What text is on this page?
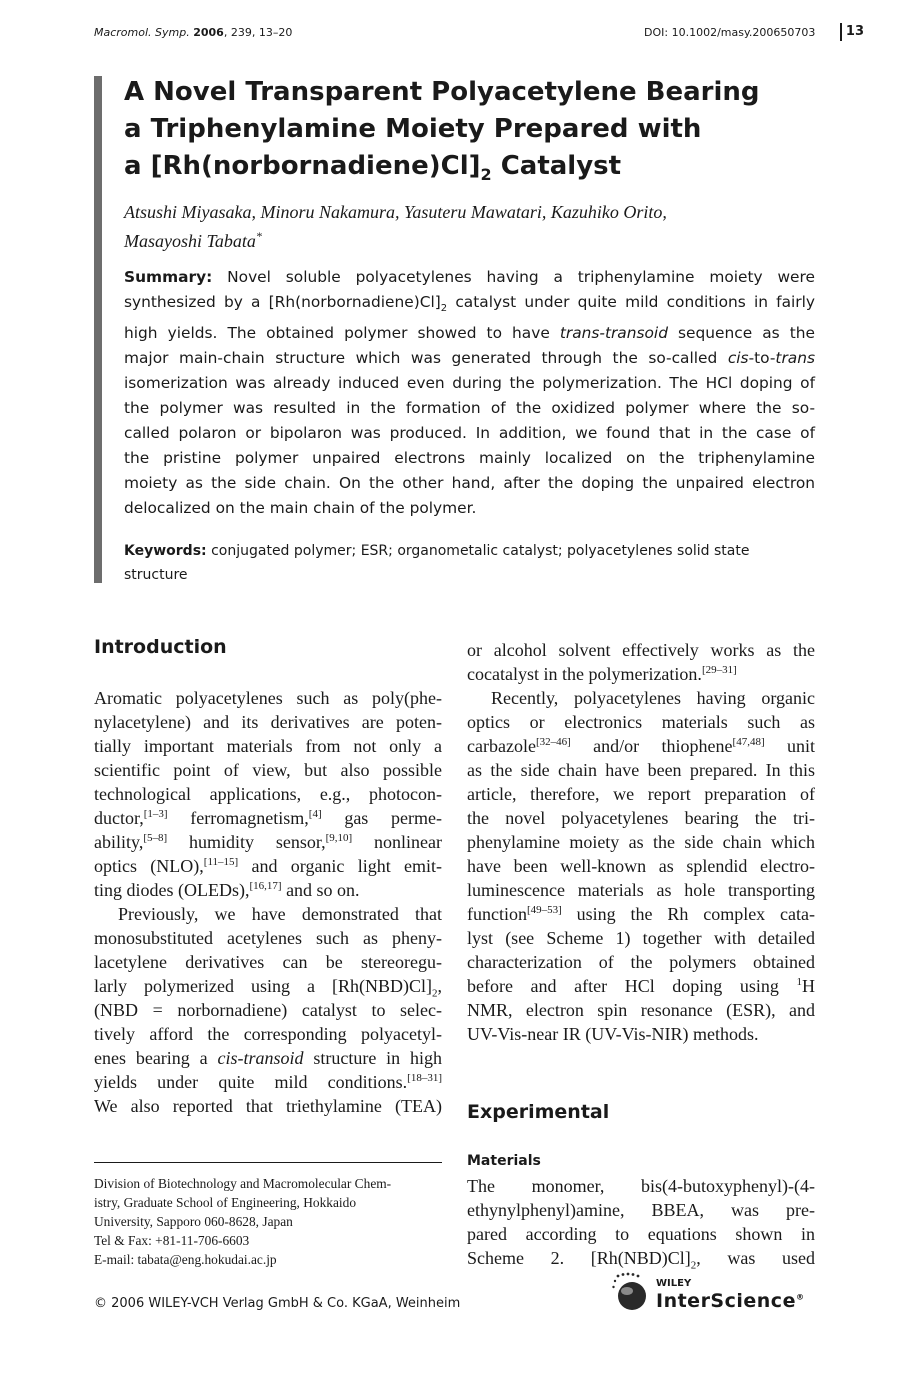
Macromol. Symp. 2006, 239, 13–20	DOI: 10.1002/masy.200650703	13
A Novel Transparent Polyacetylene Bearing
a Triphenylamine Moiety Prepared with
a $[Rh(norbornadiene)Cl]_2$ Catalyst
Atsushi Miyasaka, Minoru Nakamura, Yasuteru Mawatari, Kazuhiko Orito,
Masayoshi Tabata*
Summary: Novel soluble polyacetylenes having a triphenylamine moiety were
synthesized by a $[Rh(norbornadiene)Cl]_2$ catalyst under quite mild conditions in fairly
high yields. The obtained polymer showed to have trans-transoid sequence as the
major main-chain structure which was generated through the so-called cis-to-trans
isomerization was already induced even during the polymerization. The HCl doping of
the polymer was resulted in the formation of the oxidized polymer where the so-
called polaron or bipolaron was produced. In addition, we found that in the case of
the pristine polymer unpaired electrons mainly localized on the triphenylamine
moiety as the side chain. On the other hand, after the doping the unpaired electron
delocalized on the main chain of the polymer.
Keywords: conjugated polymer; ESR; organometalic catalyst; polyacetylenes solid state
structure
Introduction
Aromatic polyacetylenes such as poly(phe-
nylacetylene) and its derivatives are poten-
tially important materials from not only a
scientific point of view, but also possible
technological applications, e.g., photocon-
ductor,[1–3] ferromagnetism,[4] gas perme-
ability,[5–8] humidity sensor,[9,10] nonlinear
optics (NLO),[11–15] and organic light emit-
ting diodes (OLEDs),[16,17] and so on.
Previously, we have demonstrated that
monosubstituted acetylenes such as pheny-
lacetylene derivatives can be stereoregu-
larly polymerized using a $[Rh(NBD)Cl]_2$,
(NBD = norbornadiene) catalyst to selec-
tively afford the corresponding polyacetyl-
enes bearing a cis-transoid structure in high
yields under quite mild conditions.[18–31]
We also reported that triethylamine (TEA)
Division of Biotechnology and Macromolecular Chem-
istry, Graduate School of Engineering, Hokkaido
University, Sapporo 060-8628, Japan
Tel & Fax: +81-11-706-6603
E-mail: tabata@eng.hokudai.ac.jp
or alcohol solvent effectively works as the
cocatalyst in the polymerization.[29–31]
Recently, polyacetylenes having organic
optics or electronics materials such as
carbazole[32–46] and/or thiophene[47,48] unit
as the side chain have been prepared. In this
article, therefore, we report preparation of
the novel polyacetylenes bearing the tri-
phenylamine moiety as the side chain which
have been well-known as splendid electro-
luminescence materials as hole transporting
function[49–53] using the Rh complex cata-
lyst (see Scheme 1) together with detailed
characterization of the polymers obtained
before and after HCl doping using $^1$H
NMR, electron spin resonance (ESR), and
UV-Vis-near IR (UV-Vis-NIR) methods.
Experimental
Materials
The monomer, bis(4-butoxyphenyl)-(4-
ethynylphenyl)amine, BBEA, was pre-
pared according to equations shown in
Scheme 2. $[Rh(NBD)Cl]_2$, was used
© 2006 WILEY-VCH Verlag GmbH & Co. KGaA, Weinheim
WILEY
InterScience®
